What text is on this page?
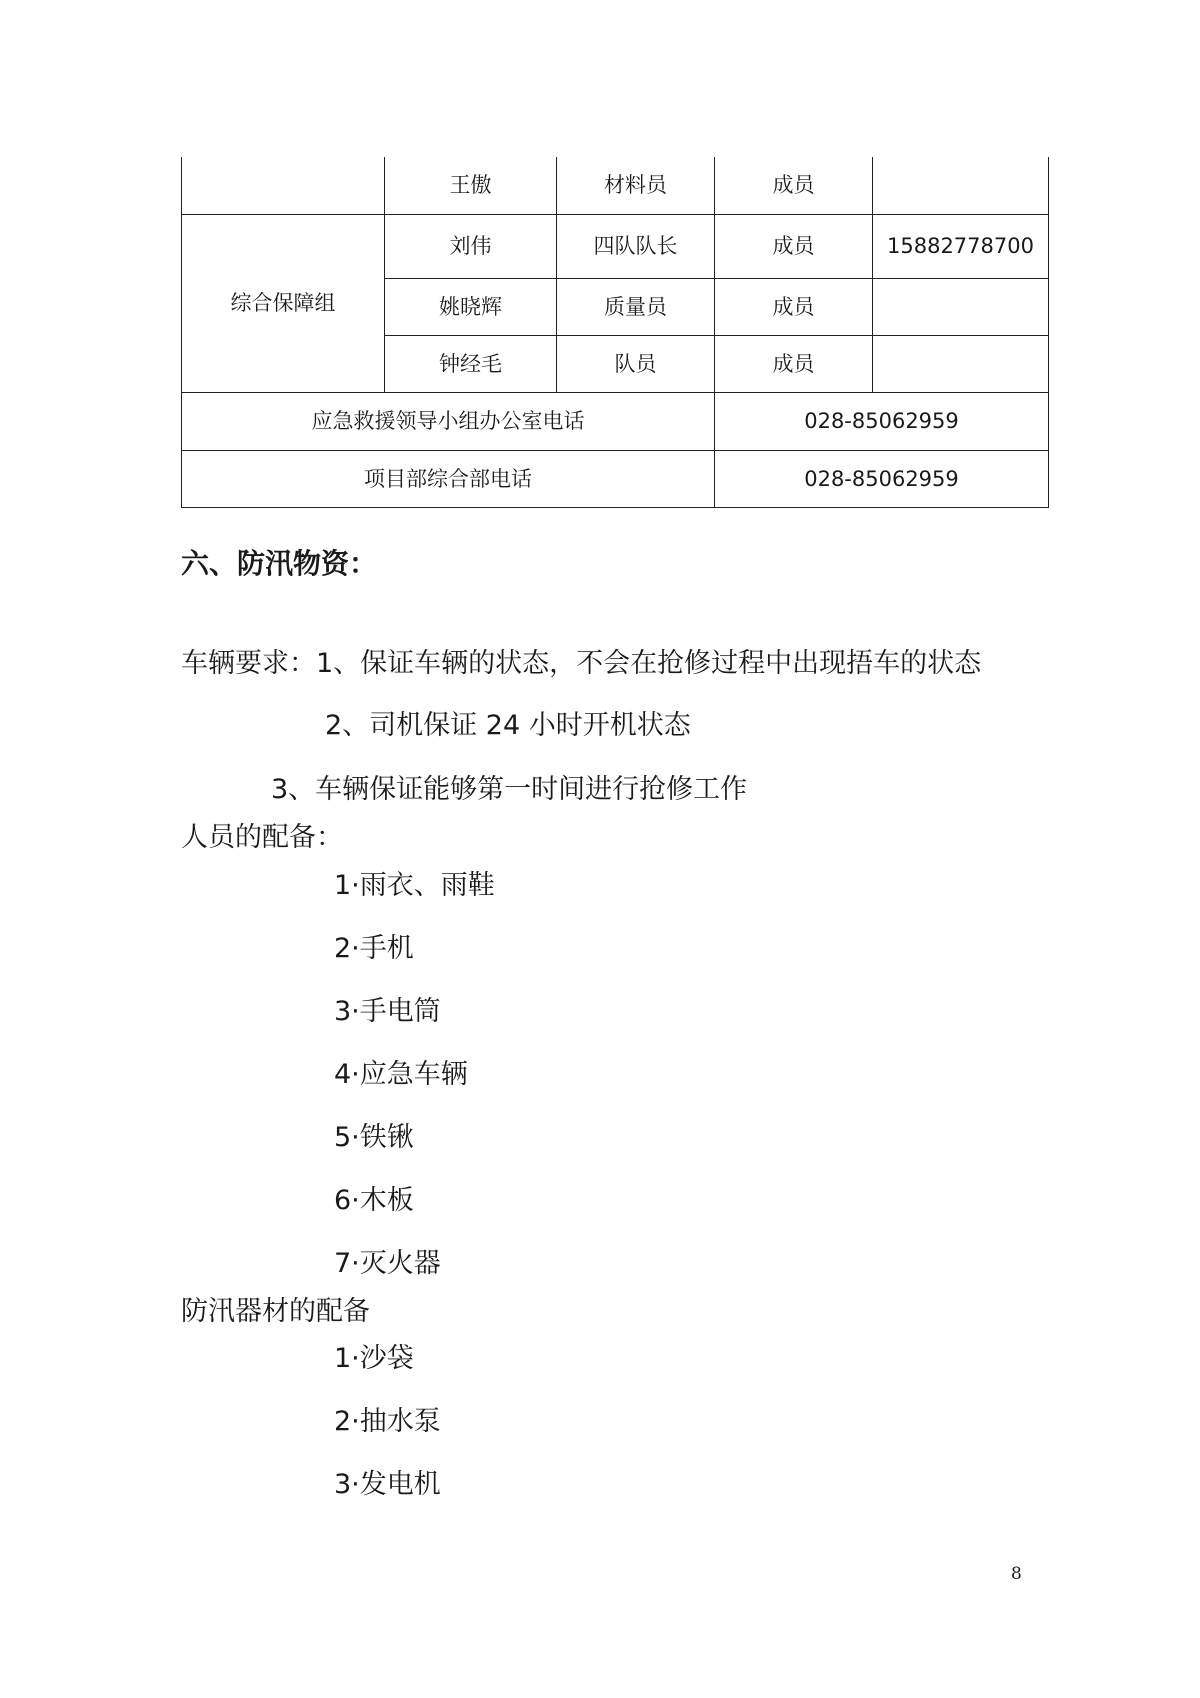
	王傲	材料员	成员	
综合保障组	刘伟	四队队长	成员	15882778700
	姚晓辉	质量员	成员	
	钟经毛	队员	成员	
应急救援领导小组办公室电话			028-85062959	
项目部综合部电话			028-85062959	
六、防汛物资：
车辆要求：1、保证车辆的状态，不会在抢修过程中出现捂车的状态
2、司机保证 24 小时开机状态
3、车辆保证能够第一时间进行抢修工作
人员的配备：
1·雨衣、雨鞋
2·手机
3·手电筒
4·应急车辆
5·铁锹
6·木板
7·灭火器
防汛器材的配备
1·沙袋
2·抽水泵
3·发电机
8
